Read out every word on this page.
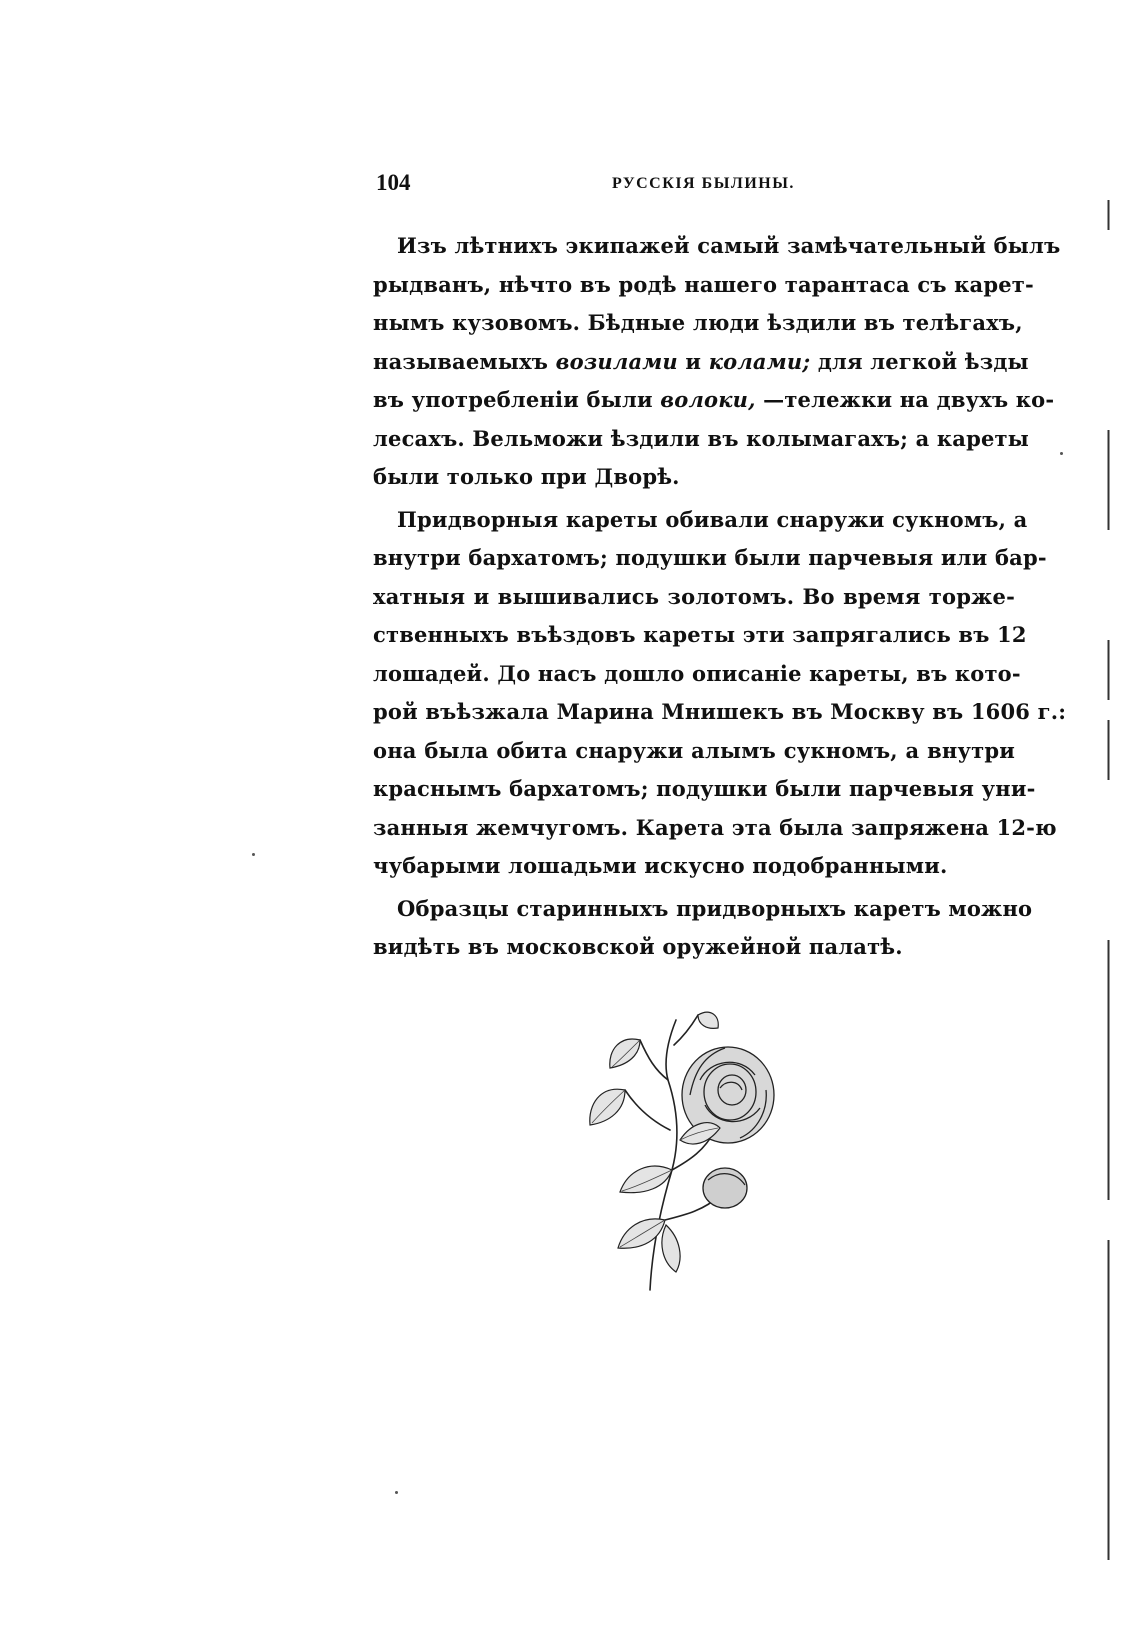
104	РУССКІЯ БЫЛИНЫ.
Изъ лѣтнихъ экипажей самый замѣчательный былъ
рыдванъ, нѣчто въ родѣ нашего тарантаса съ карет-
нымъ кузовомъ. Бѣдные люди ѣздили въ телѣгахъ,
называемыхъ возилами и колами; для легкой ѣзды
въ употребленіи были волоки, —тележки на двухъ ко-
лесахъ. Вельможи ѣздили въ колымагахъ; а кареты
были только при Дворѣ.
Придворныя кареты обивали снаружи сукномъ, а
внутри бархатомъ; подушки были парчевыя или бар-
хатныя и вышивались золотомъ. Во время торже-
ственныхъ въѣздовъ кареты эти запрягались въ 12
лошадей. До насъ дошло описаніе кареты, въ кото-
рой въѣзжала Марина Мнишекъ въ Москву въ 1606 г.:
она была обита снаружи алымъ сукномъ, а внутри
краснымъ бархатомъ; подушки были парчевыя уни-
занныя жемчугомъ. Карета эта была запряжена 12-ю
чубарыми лошадьми искусно подобранными.
Образцы старинныхъ придворныхъ каретъ можно
видѣть въ московской оружейной палатѣ.
